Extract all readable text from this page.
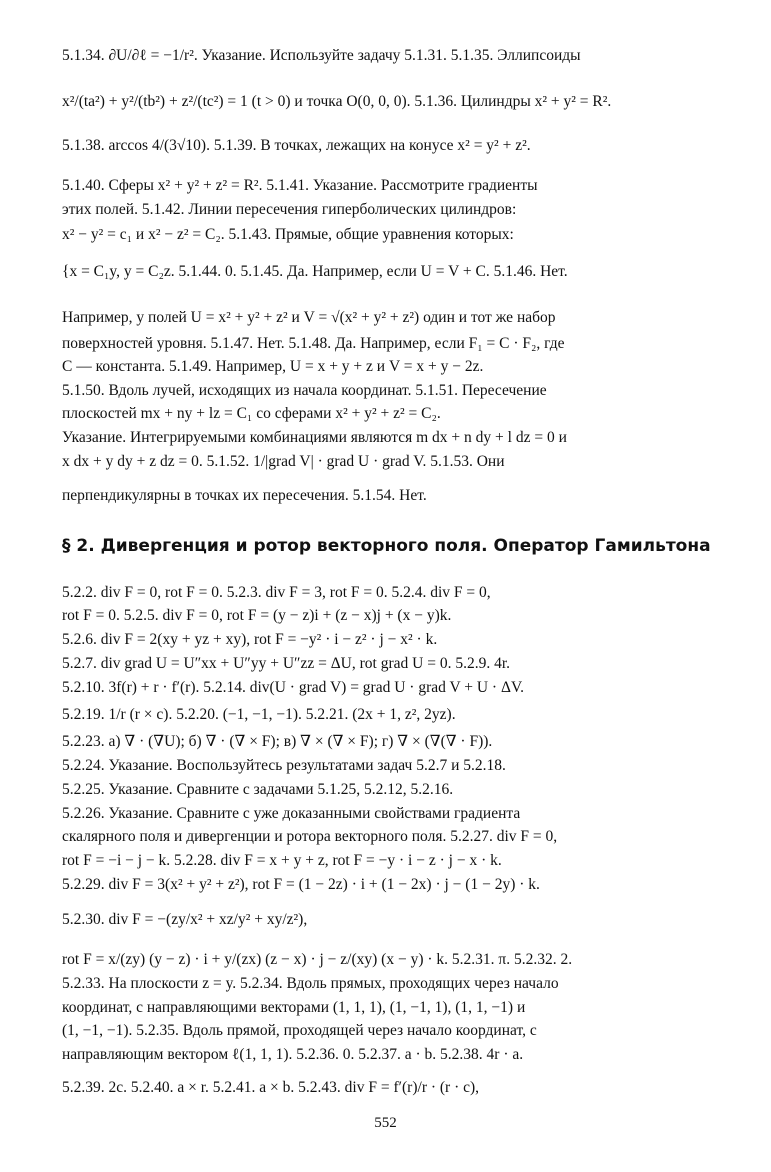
5.1.34. ∂U/∂ℓ = −1/r². Указание. Используйте задачу 5.1.31. 5.1.35. Эллипсоиды
x²/(ta²) + y²/(tb²) + z²/(tc²) = 1 (t > 0) и точка O(0, 0, 0). 5.1.36. Цилиндры x² + y² = R².
5.1.38. arccos 4/(3√10). 5.1.39. В точках, лежащих на конусе x² = y² + z².
5.1.40. Сферы x² + y² + z² = R². 5.1.41. Указание. Рассмотрите градиенты
этих полей. 5.1.42. Линии пересечения гиперболических цилиндров:
x² − y² = c₁ и x² − z² = C₂. 5.1.43. Прямые, общие уравнения которых:
{x = C₁y, y = C₂z. 5.1.44. 0. 5.1.45. Да. Например, если U = V + C. 5.1.46. Нет.
Например, у полей U = x² + y² + z² и V = √(x² + y² + z²) один и тот же набор
поверхностей уровня. 5.1.47. Нет. 5.1.48. Да. Например, если F₁ = C · F₂, где
C — константа. 5.1.49. Например, U = x + y + z и V = x + y − 2z.
5.1.50. Вдоль лучей, исходящих из начала координат. 5.1.51. Пересечение
плоскостей mx + ny + lz = C₁ со сферами x² + y² + z² = C₂.
Указание. Интегрируемыми комбинациями являются m dx + n dy + l dz = 0 и
x dx + y dy + z dz = 0. 5.1.52. 1/|grad V| · grad U · grad V. 5.1.53. Они
перпендикулярны в точках их пересечения. 5.1.54. Нет.
§ 2. Дивергенция и ротор векторного поля. Оператор Гамильтона
5.2.2. div F = 0, rot F = 0. 5.2.3. div F = 3, rot F = 0. 5.2.4. div F = 0,
rot F = 0. 5.2.5. div F = 0, rot F = (y − z)i + (z − x)j + (x − y)k.
5.2.6. div F = 2(xy + yz + xy), rot F = −y² · i − z² · j − x² · k.
5.2.7. div grad U = U″xx + U″yy + U″zz = ΔU, rot grad U = 0. 5.2.9. 4r.
5.2.10. 3f(r) + r · f′(r). 5.2.14. div(U · grad V) = grad U · grad V + U · ΔV.
5.2.19. 1/r (r × c). 5.2.20. (−1, −1, −1). 5.2.21. (2x + 1, z², 2yz).
5.2.23. а) ∇ · (∇U); б) ∇ · (∇ × F); в) ∇ × (∇ × F); г) ∇ × (∇(∇ · F)).
5.2.24. Указание. Воспользуйтесь результатами задач 5.2.7 и 5.2.18.
5.2.25. Указание. Сравните с задачами 5.1.25, 5.2.12, 5.2.16.
5.2.26. Указание. Сравните с уже доказанными свойствами градиента
скалярного поля и дивергенции и ротора векторного поля. 5.2.27. div F = 0,
rot F = −i − j − k. 5.2.28. div F = x + y + z, rot F = −y · i − z · j − x · k.
5.2.29. div F = 3(x² + y² + z²), rot F = (1 − 2z) · i + (1 − 2x) · j − (1 − 2y) · k.
5.2.30. div F = −(zy/x² + xz/y² + xy/z²),
rot F = x/(zy) (y − z) · i + y/(zx) (z − x) · j − z/(xy) (x − y) · k. 5.2.31. π. 5.2.32. 2.
5.2.33. На плоскости z = y. 5.2.34. Вдоль прямых, проходящих через начало
координат, с направляющими векторами (1, 1, 1), (1, −1, 1), (1, 1, −1) и
(1, −1, −1). 5.2.35. Вдоль прямой, проходящей через начало координат, с
направляющим вектором ℓ(1, 1, 1). 5.2.36. 0. 5.2.37. a · b. 5.2.38. 4r · a.
5.2.39. 2c. 5.2.40. a × r. 5.2.41. a × b. 5.2.43. div F = f′(r)/r · (r · c),
552
